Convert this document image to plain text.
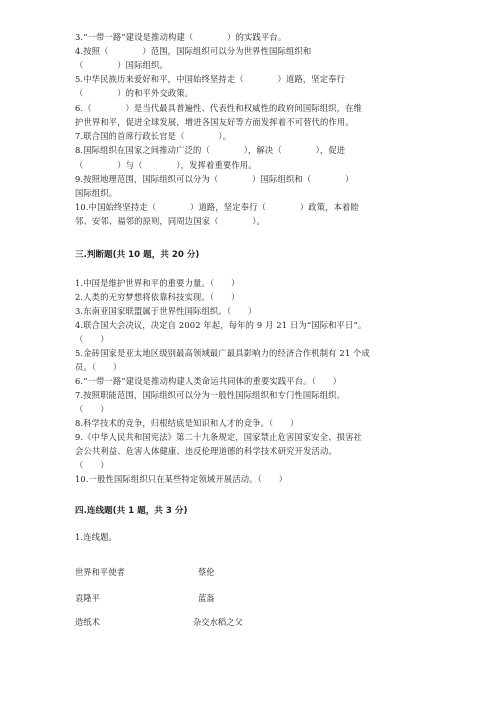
3.“一带一路”建设是推动构建（　　　　）的实践平台。
4.按照（　　　　）范围，国际组织可以分为世界性国际组织和
（　　　　）国际组织。
5.中华民族历来爱好和平，中国始终坚持走（　　　　）道路，坚定奉行
（　　　　）的和平外交政策。
6.（　　　　）是当代最具普遍性、代表性和权威性的政府间国际组织，在维
护世界和平，促进全球发展，增进各国友好等方面发挥着不可替代的作用。
7.联合国的首席行政长官是（　　　　）。
8.国际组织在国家之间推动广泛的（　　　　），解决（　　　　），促进
（　　　　）与（　　　　），发挥着重要作用。
9.按照地理范围，国际组织可以分为（　　　　）国际组织和（　　　　）
国际组织。
10.中国始终坚持走（　　　　）道路，坚定奉行（　　　　）政策，本着睦
邻、安邻、福邻的原则，同周边国家（　　　　）。
三.判断题(共 10 题，共 20 分)
1.中国是维护世界和平的重要力量。（　　）
2.人类的无穷梦想将依靠科技实现。（　　）
3.东南亚国家联盟属于世界性国际组织。（　　）
4.联合国大会决议，决定自 2002 年起，每年的 9 月 21 日为“国际和平日”。
（　　）
5.金砖国家是亚太地区级别最高领域最广最具影响力的经济合作机制有 21 个成
员。（　　）
6.“一带一路”建设是推动构建人类命运共同体的重要实践平台。（　　）
7.按照职能范围，国际组织可以分为一般性国际组织和专门性国际组织。
（　　）
8.科学技术的竞争，归根结底是知识和人才的竞争。（　　）
9.《中华人民共和国宪法》第二十九条规定，国家禁止危害国家安全、损害社
会公共利益、危害人体健康、违反伦理道德的科学技术研究开发活动。
（　　）
10.一般性国际组织只在某些特定领域开展活动。（　　）
四.连线题(共 1 题，共 3 分)
1.连线题。
世界和平使者
袁隆平
造纸术
蔡伦
蓝盔
杂交水稻之父
